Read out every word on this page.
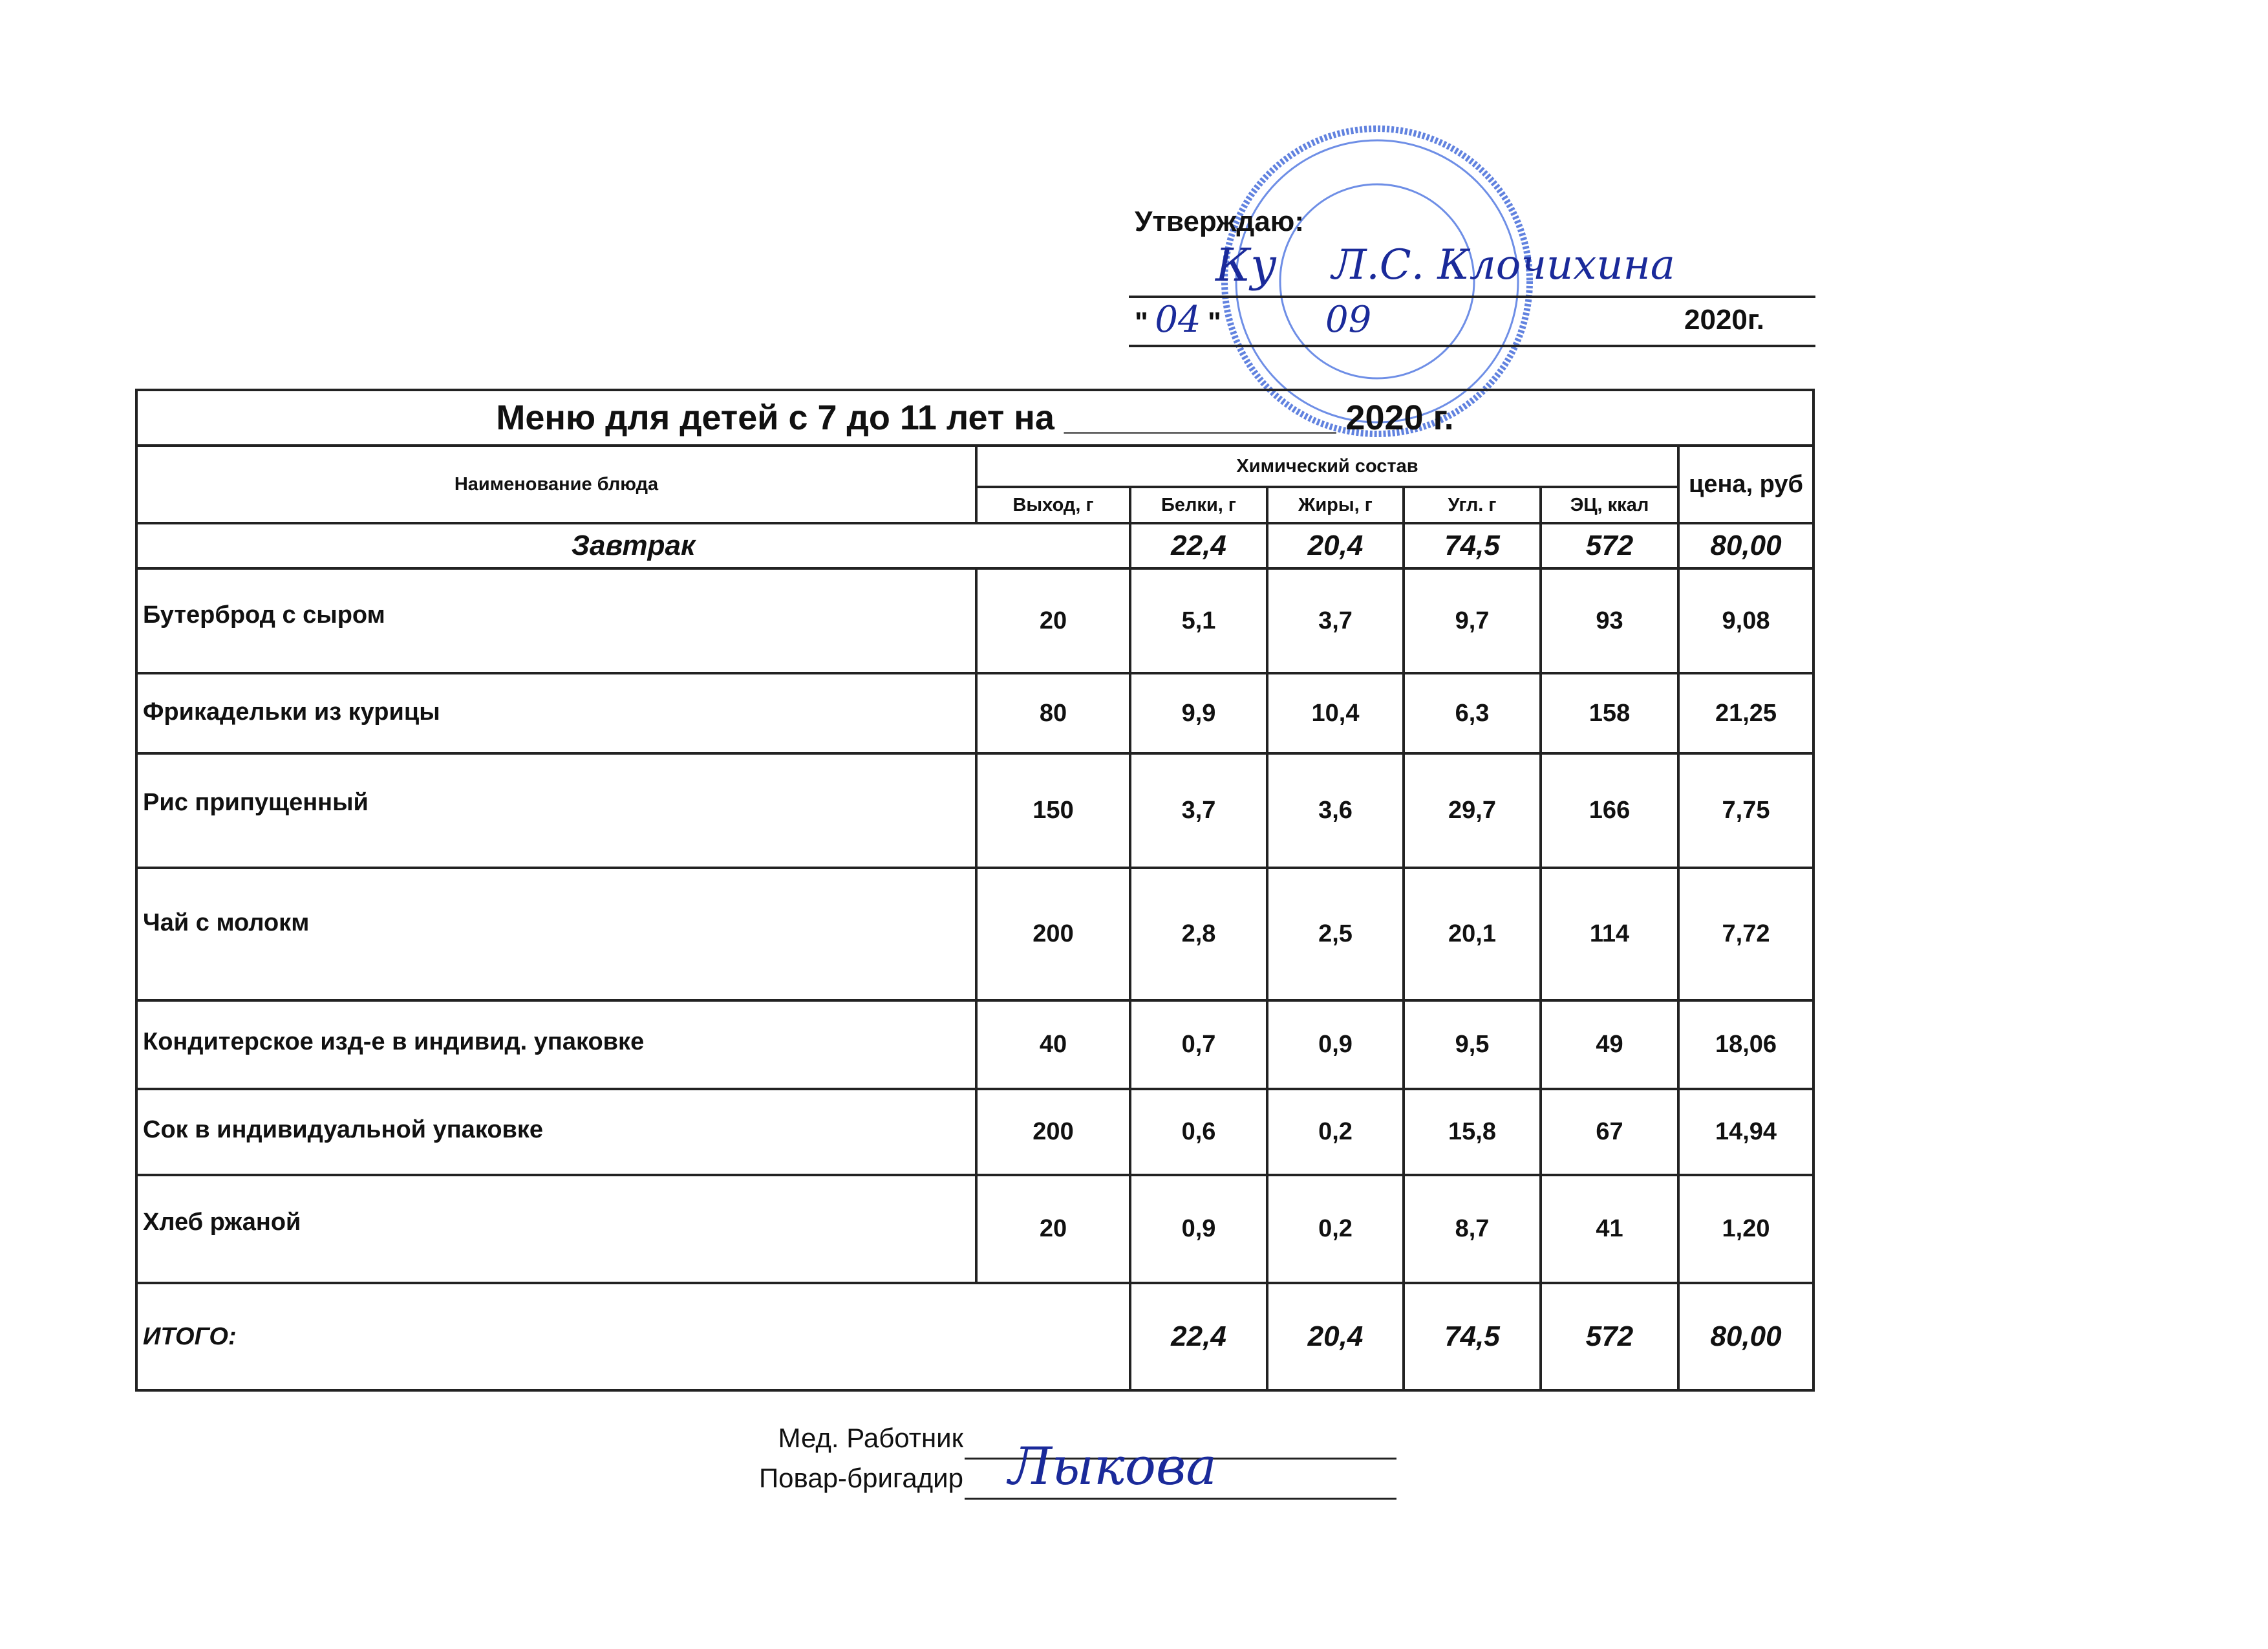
Утверждаю:
Ку Л.С. Клочихина
" 04 "	09	2020г.
Меню для детей с 7 до 11 лет на ______________ 2020 г.						
Наименование блюда	Химический состав					цена, руб
	Выход, г	Белки, г	Жиры, г	Угл. г	ЭЦ, ккал	
Завтрак		22,4	20,4	74,5	572	80,00
Бутерброд с сыром	20	5,1	3,7	9,7	93	9,08
Фрикадельки из курицы	80	9,9	10,4	6,3	158	21,25
Рис припущенный	150	3,7	3,6	29,7	166	7,75
Чай с молокм	200	2,8	2,5	20,1	114	7,72
Кондитерское изд-е в индивид. упаковке	40	0,7	0,9	9,5	49	18,06
Сок в индивидуальной упаковке	200	0,6	0,2	15,8	67	14,94
Хлеб ржаной	20	0,9	0,2	8,7	41	1,20
ИТОГО:		22,4	20,4	74,5	572	80,00
Мед. Работник
Повар-бригадир Лыкова
